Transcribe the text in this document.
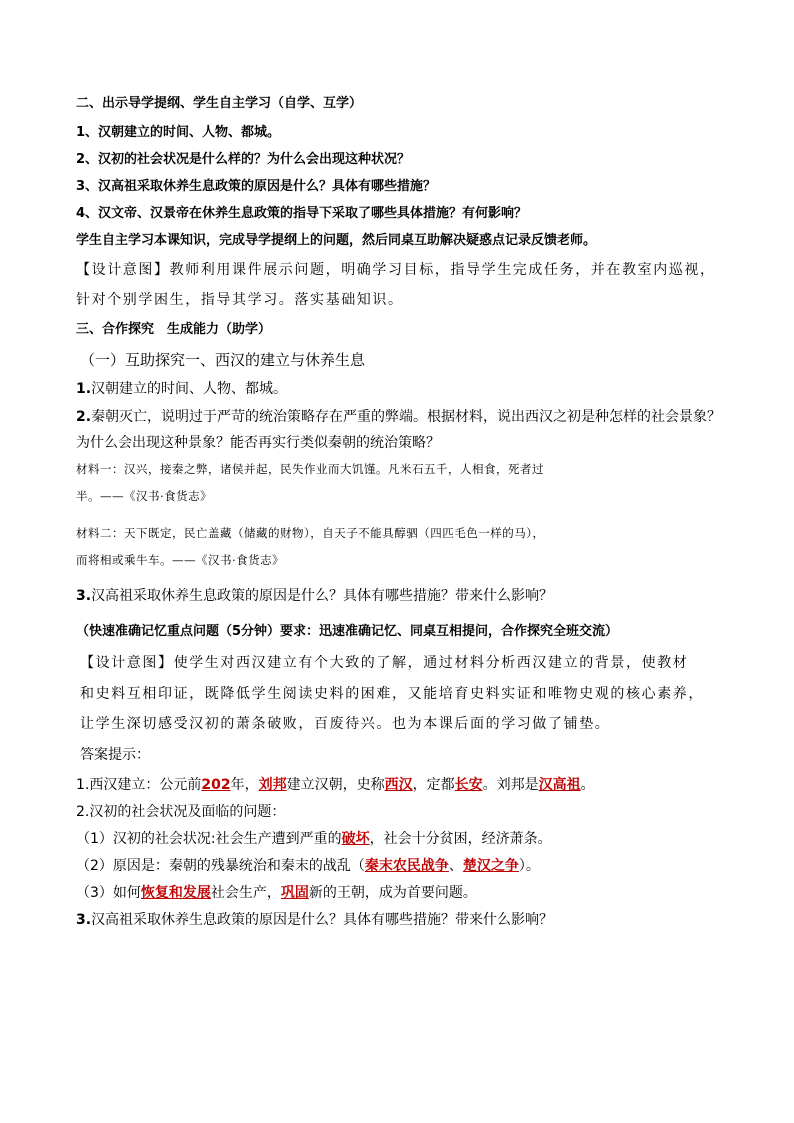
二、出示导学提纲、学生自主学习（自学、互学）
1、汉朝建立的时间、人物、都城。
2、汉初的社会状况是什么样的？为什么会出现这种状况？
3、汉高祖采取休养生息政策的原因是什么？具体有哪些措施？
4、汉文帝、汉景帝在休养生息政策的指导下采取了哪些具体措施？有何影响？
学生自主学习本课知识，完成导学提纲上的问题，然后同桌互助解决疑惑点记录反馈老师。
【设计意图】教师利用课件展示问题，明确学习目标，指导学生完成任务，并在教室内巡视，
针对个别学困生，指导其学习。落实基础知识。
三、合作探究　生成能力（助学）
（一）互助探究一、西汉的建立与休养生息
1.汉朝建立的时间、人物、都城。
2.秦朝灭亡，说明过于严苛的统治策略存在严重的弊端。根据材料，说出西汉之初是种怎样的社会景象？
为什么会出现这种景象？能否再实行类似秦朝的统治策略？
材料一：汉兴，接秦之弊，诸侯并起，民失作业而大饥馑。凡米石五千，人相食，死者过
半。——《汉书·食货志》
材料二：天下既定，民亡盖藏（储藏的财物），自天子不能具醇驷（四匹毛色一样的马），
而将相或乘牛车。——《汉书·食货志》
3.汉高祖采取休养生息政策的原因是什么？具体有哪些措施？带来什么影响？
（快速准确记忆重点问题（5分钟）要求：迅速准确记忆、同桌互相提问，合作探究全班交流）
【设计意图】使学生对西汉建立有个大致的了解，通过材料分析西汉建立的背景，使教材
和史料互相印证，既降低学生阅读史料的困难，又能培育史料实证和唯物史观的核心素养，
让学生深切感受汉初的萧条破败，百废待兴。也为本课后面的学习做了铺垫。
答案提示：
1.西汉建立：公元前202年，刘邦建立汉朝，史称西汉，定都长安。刘邦是汉高祖。
2.汉初的社会状况及面临的问题：
（1）汉初的社会状况:社会生产遭到严重的破坏，社会十分贫困，经济萧条。
（2）原因是：秦朝的残暴统治和秦末的战乱（秦末农民战争、楚汉之争）。
（3）如何恢复和发展社会生产，巩固新的王朝，成为首要问题。
3.汉高祖采取休养生息政策的原因是什么？具体有哪些措施？带来什么影响？
